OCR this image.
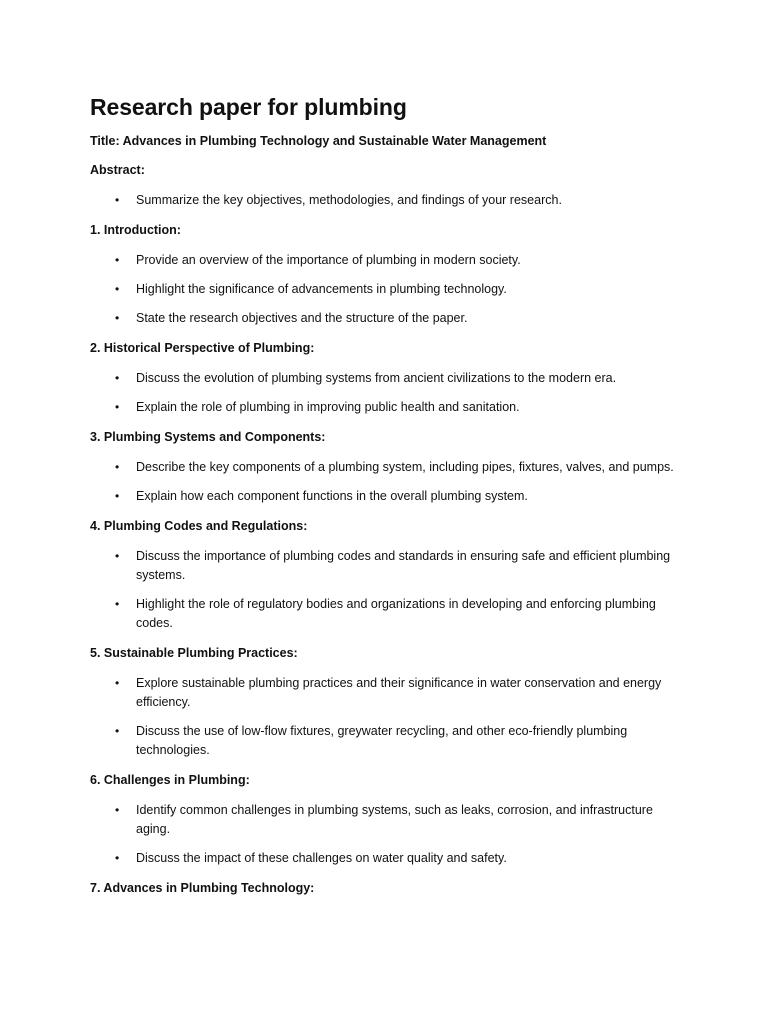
Research paper for plumbing
Title: Advances in Plumbing Technology and Sustainable Water Management
Abstract:
• Summarize the key objectives, methodologies, and findings of your research.
1. Introduction:
• Provide an overview of the importance of plumbing in modern society.
• Highlight the significance of advancements in plumbing technology.
• State the research objectives and the structure of the paper.
2. Historical Perspective of Plumbing:
• Discuss the evolution of plumbing systems from ancient civilizations to the modern era.
• Explain the role of plumbing in improving public health and sanitation.
3. Plumbing Systems and Components:
• Describe the key components of a plumbing system, including pipes, fixtures, valves, and pumps.
• Explain how each component functions in the overall plumbing system.
4. Plumbing Codes and Regulations:
• Discuss the importance of plumbing codes and standards in ensuring safe and efficient plumbing systems.
• Highlight the role of regulatory bodies and organizations in developing and enforcing plumbing codes.
5. Sustainable Plumbing Practices:
• Explore sustainable plumbing practices and their significance in water conservation and energy efficiency.
• Discuss the use of low-flow fixtures, greywater recycling, and other eco-friendly plumbing technologies.
6. Challenges in Plumbing:
• Identify common challenges in plumbing systems, such as leaks, corrosion, and infrastructure aging.
• Discuss the impact of these challenges on water quality and safety.
7. Advances in Plumbing Technology:
